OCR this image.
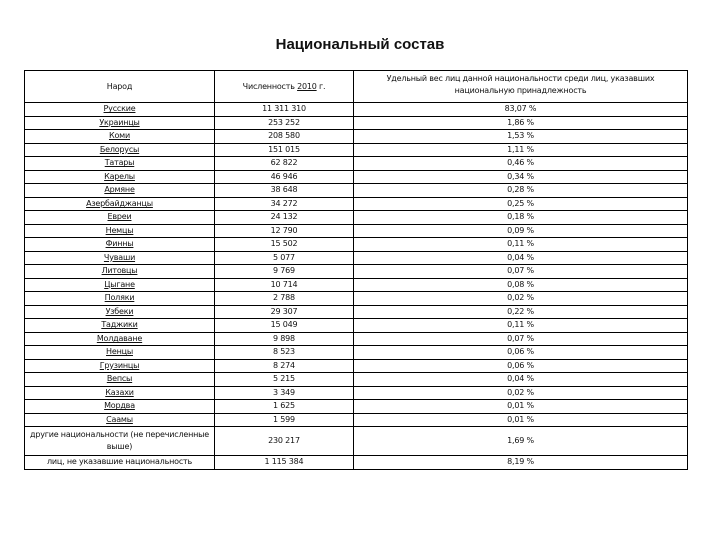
Национальный состав
Народ	Численность 2010 г.	Удельный вес лиц данной национальности среди лиц, указавших национальную принадлежность
Русские	11 311 310	83,07 %
Украинцы	253 252	1,86 %
Коми	208 580	1,53 %
Белорусы	151 015	1,11 %
Татары	62 822	0,46 %
Карелы	46 946	0,34 %
Армяне	38 648	0,28 %
Азербайджанцы	34 272	0,25 %
Евреи	24 132	0,18 %
Немцы	12 790	0,09 %
Финны	15 502	0,11 %
Чуваши	5 077	0,04 %
Литовцы	9 769	0,07 %
Цыгане	10 714	0,08 %
Поляки	2 788	0,02 %
Узбеки	29 307	0,22 %
Таджики	15 049	0,11 %
Молдаване	9 898	0,07 %
Ненцы	8 523	0,06 %
Грузинцы	8 274	0,06 %
Вепсы	5 215	0,04 %
Казахи	3 349	0,02 %
Мордва	1 625	0,01 %
Саамы	1 599	0,01 %
другие национальности (не перечисленные выше)	230 217	1,69 %
лиц, не указавшие национальность	1 115 384	8,19 %
